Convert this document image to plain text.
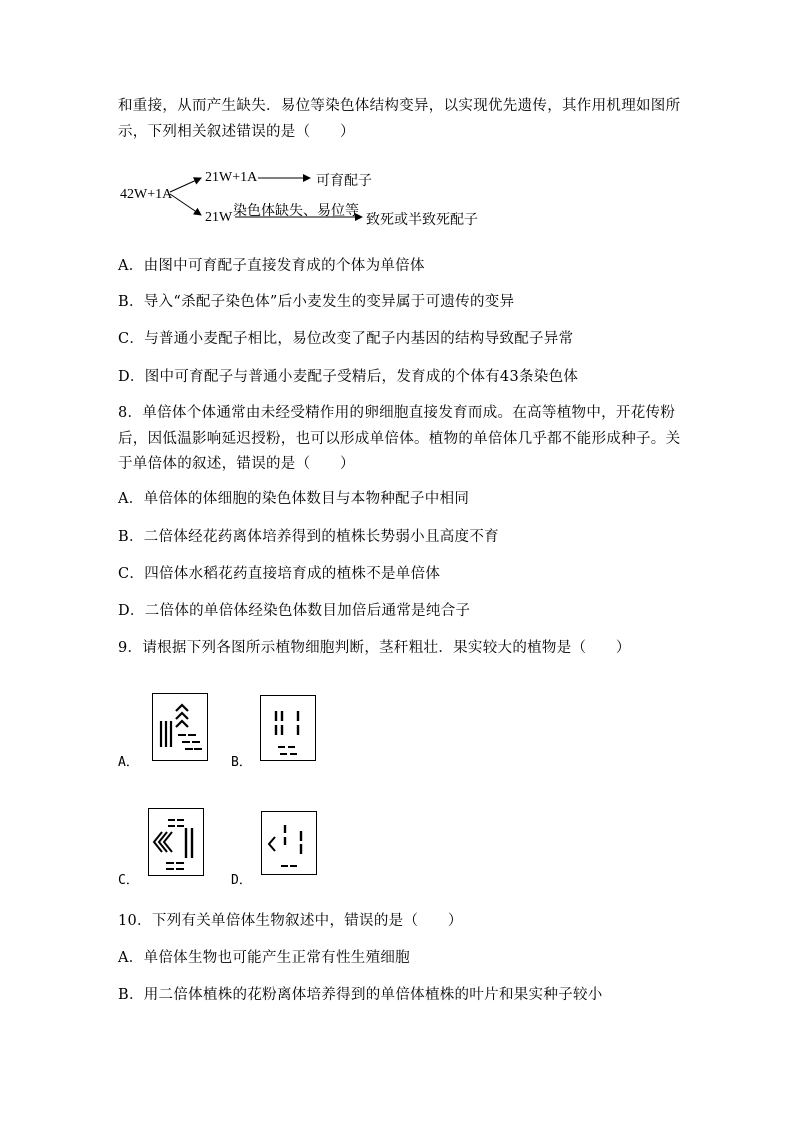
和重接，从而产生缺失．易位等染色体结构变异，以实现优先遗传，其作用机理如图所
示，下列相关叙述错误的是（　　）
42W+1A
21W+1A	可育配子
21W 染色体缺失、易位等
致死或半致死配子
A．由图中可育配子直接发育成的个体为单倍体
B．导入“杀配子染色体”后小麦发生的变异属于可遗传的变异
C．与普通小麦配子相比，易位改变了配子内基因的结构导致配子异常
D．图中可育配子与普通小麦配子受精后，发育成的个体有43条染色体
8．单倍体个体通常由未经受精作用的卵细胞直接发育而成。在高等植物中，开花传粉
后，因低温影响延迟授粉，也可以形成单倍体。植物的单倍体几乎都不能形成种子。关
于单倍体的叙述，错误的是（　　）
A．单倍体的体细胞的染色体数目与本物种配子中相同
B．二倍体经花药离体培养得到的植株长势弱小且高度不育
C．四倍体水稻花药直接培育成的植株不是单倍体
D．二倍体的单倍体经染色体数目加倍后通常是纯合子
9．请根据下列各图所示植物细胞判断，茎秆粗壮．果实较大的植物是（　　）
A．	B．
C．	D．
10．下列有关单倍体生物叙述中，错误的是（　　）
A．单倍体生物也可能产生正常有性生殖细胞
B．用二倍体植株的花粉离体培养得到的单倍体植株的叶片和果实种子较小
